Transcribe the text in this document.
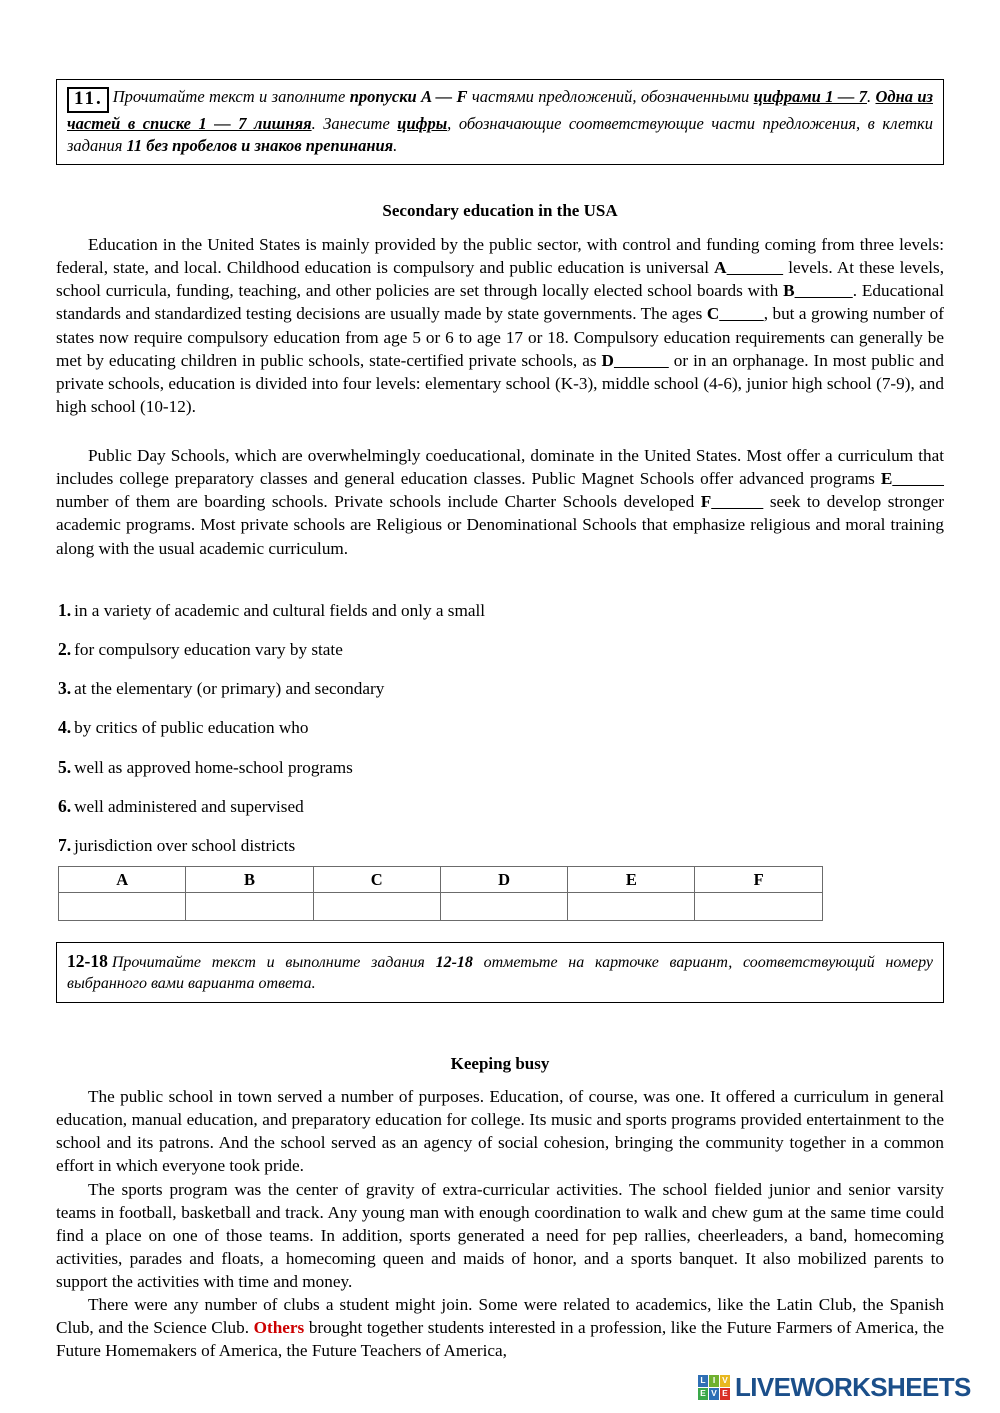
11. Прочитайте текст и заполните пропуски A — F частями предложений, обозначенными цифрами 1 — 7. Одна из частей в списке 1 — 7 лишняя. Занесите цифры, обозначающие соответствующие части предложения, в клетки задания 11 без пробелов и знаков препинания.
Secondary education in the USA

Education in the United States is mainly provided by the public sector, with control and funding coming from three levels: federal, state, and local. Childhood education is compulsory and public education is universal A	levels. At these levels, school curricula, funding, teaching, and other policies are set through locally elected school boards with B	. Educational standards and standardized testing decisions are usually made by state governments. The ages C	, but a growing number of states now require compulsory education from age 5 or 6 to age 17 or 18. Compulsory education requirements can generally be met by educating children in public schools, state-certified private schools, as D	or in an orphanage. In most public and private schools, education is divided into four levels: elementary school (K-3), middle school (4-6), junior high school (7-9), and high school (10-12).

Public Day Schools, which are overwhelmingly coeducational, dominate in the United States. Most offer a curriculum that includes college preparatory classes and general education classes. Public Magnet Schools offer advanced programs E          number of them are boarding schools. Private schools include Charter Schools developed F	seek to develop stronger academic programs. Most private schools are Religious or Denominational Schools that emphasize religious and moral training along with the usual academic curriculum.

1. in a variety of academic and cultural fields and only a small
2. for compulsory education vary by state
3. at the elementary (or primary) and secondary
4. by critics of public education who
5. well as approved home-school programs
6. well administered and supervised
7. jurisdiction over school districts
A	B	C	D	E	F

12-18 Прочитайте текст и выполните задания 12-18 отметьте на карточке вариант, соответствующий номеру выбранного вами варианта ответа.
Keeping busy

The public school in town served a number of purposes. Education, of course, was one. It offered a curriculum in general education, manual education, and preparatory education for college. Its music and sports programs provided entertainment to the school and its patrons. And the school served as an agency of social cohesion, bringing the community together in a common effort in which everyone took pride.

The sports program was the center of gravity of extra-curricular activities. The school fielded junior and senior varsity teams in football, basketball and track. Any young man with enough coordination to walk and chew gum at the same time could find a place on one of those teams. In addition, sports generated a need for pep rallies, cheerleaders, a band, homecoming activities, parades and floats, a homecoming queen and maids of honor, and a sports banquet. It also mobilized parents to support the activities with time and money.

There were any number of clubs a student might join. Some were related to academics, like the Latin Club, the Spanish Club, and the Science Club. Others brought together students interested in a profession, like the Future Farmers of America, the Future Homemakers of America, the Future Teachers of America,

L I V
E V E LIVEWORKSHEETS
